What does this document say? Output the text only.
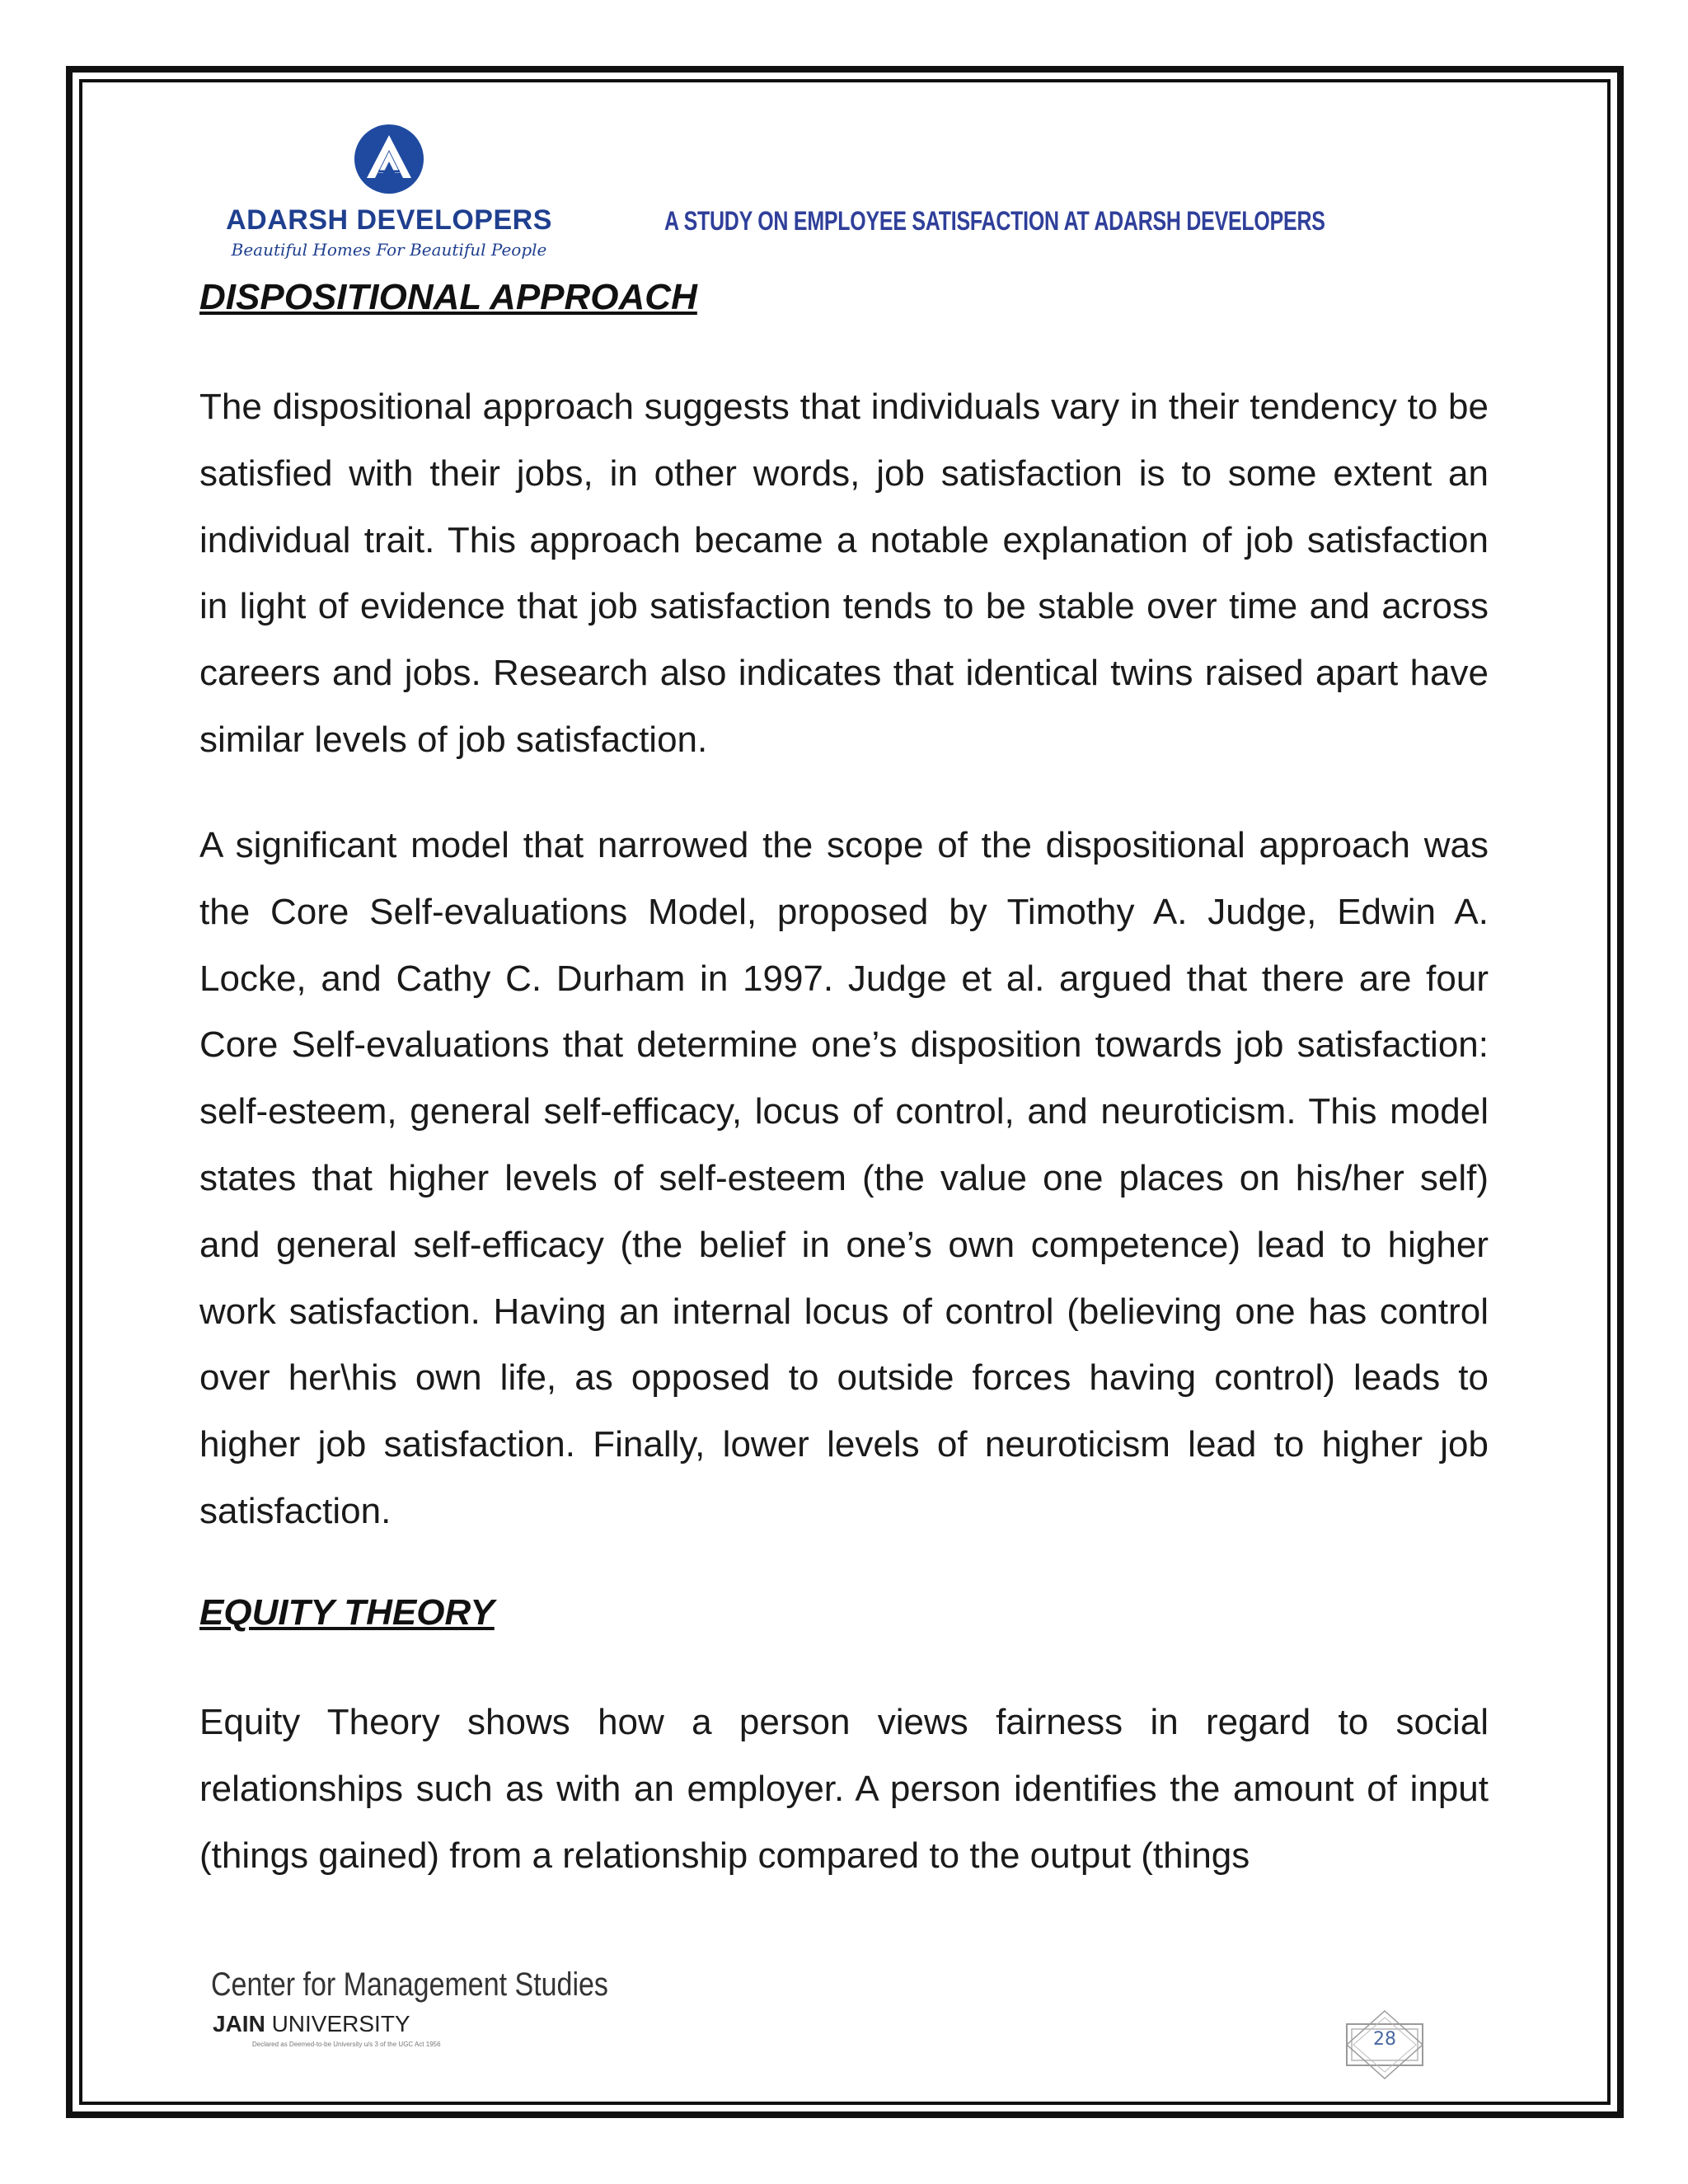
ADARSH DEVELOPERS
Beautiful Homes For Beautiful People
A STUDY ON EMPLOYEE SATISFACTION AT ADARSH DEVELOPERS
DISPOSITIONAL APPROACH

The dispositional approach suggests that individuals vary in their tendency to be satisfied with their jobs, in other words, job satisfaction is to some extent an individual trait. This approach became a notable explanation of job satisfaction in light of evidence that job satisfaction tends to be stable over time and across careers and jobs. Research also indicates that identical twins raised apart have similar levels of job satisfaction.

A significant model that narrowed the scope of the dispositional approach was the Core Self-evaluations Model, proposed by Timothy A. Judge, Edwin A. Locke, and Cathy C. Durham in 1997. Judge et al. argued that there are four Core Self-evaluations that determine one’s disposition towards job satisfaction: self-esteem, general self-efficacy, locus of control, and neuroticism. This model states that higher levels of self-esteem (the value one places on his/her self) and general self-efficacy (the belief in one’s own competence) lead to higher work satisfaction. Having an internal locus of control (believing one has control over her\his own life, as opposed to outside forces having control) leads to higher job satisfaction. Finally, lower levels of neuroticism lead to higher job satisfaction.

EQUITY THEORY

Equity Theory shows how a person views fairness in regard to social relationships such as with an employer. A person identifies the amount of input (things gained) from a relationship compared to the output (things

Center for Management Studies
JAIN UNIVERSITY
Declared as Deemed-to-be University u/s 3 of the UGC Act 1956	28
